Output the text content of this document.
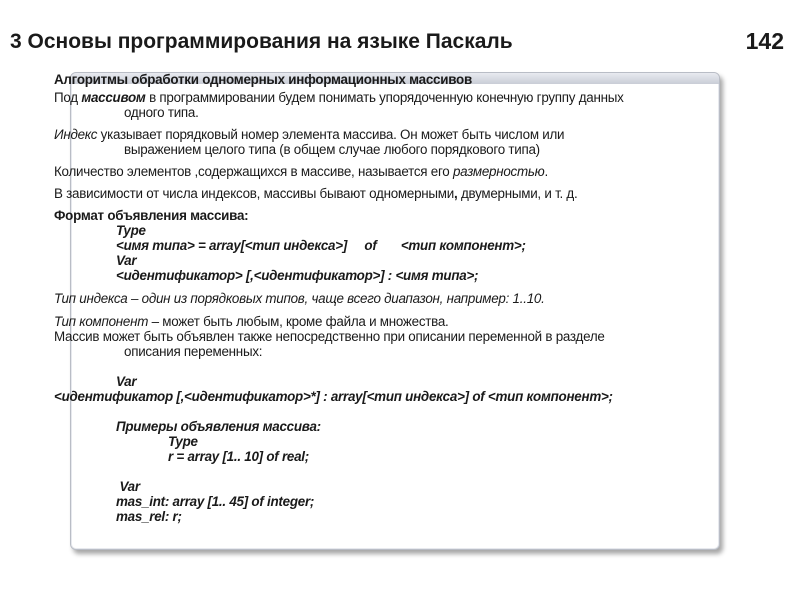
3 Основы программирования на языке Паскаль	142
Алгоритмы обработки одномерных информационных массивов
Под массивом в программировании будем понимать упорядоченную конечную группу данных
одного типа.
Индекс указывает порядковый номер элемента массива. Он может быть числом или
выражением целого типа (в общем случае любого порядкового типа)
Количество элементов ,содержащихся в массиве, называется его размерностью.
В зависимости от числа индексов, массивы бывают одномерными, двумерными, и т. д.
Формат объявления массива:
Type
<имя типа> = array[<тип индекса>]     of       <тип компонент>;
Var
<идентификатор> [,<идентификатор>] : <имя типа>;
Тип индекса – один из порядковых типов, чаще всего диапазон, например: 1..10.
Тип компонент – может быть любым, кроме файла и множества.
Массив может быть объявлен также непосредственно при описании переменной в разделе
описания переменных:
Var
<идентификатор [,<идентификатор>*] : array[<тип индекса>] of <тип компонент>;
Примеры объявления массива:
Type
r = array [1.. 10] of real;
Var
mas_int: array [1.. 45] of integer;
mas_rel: r;
